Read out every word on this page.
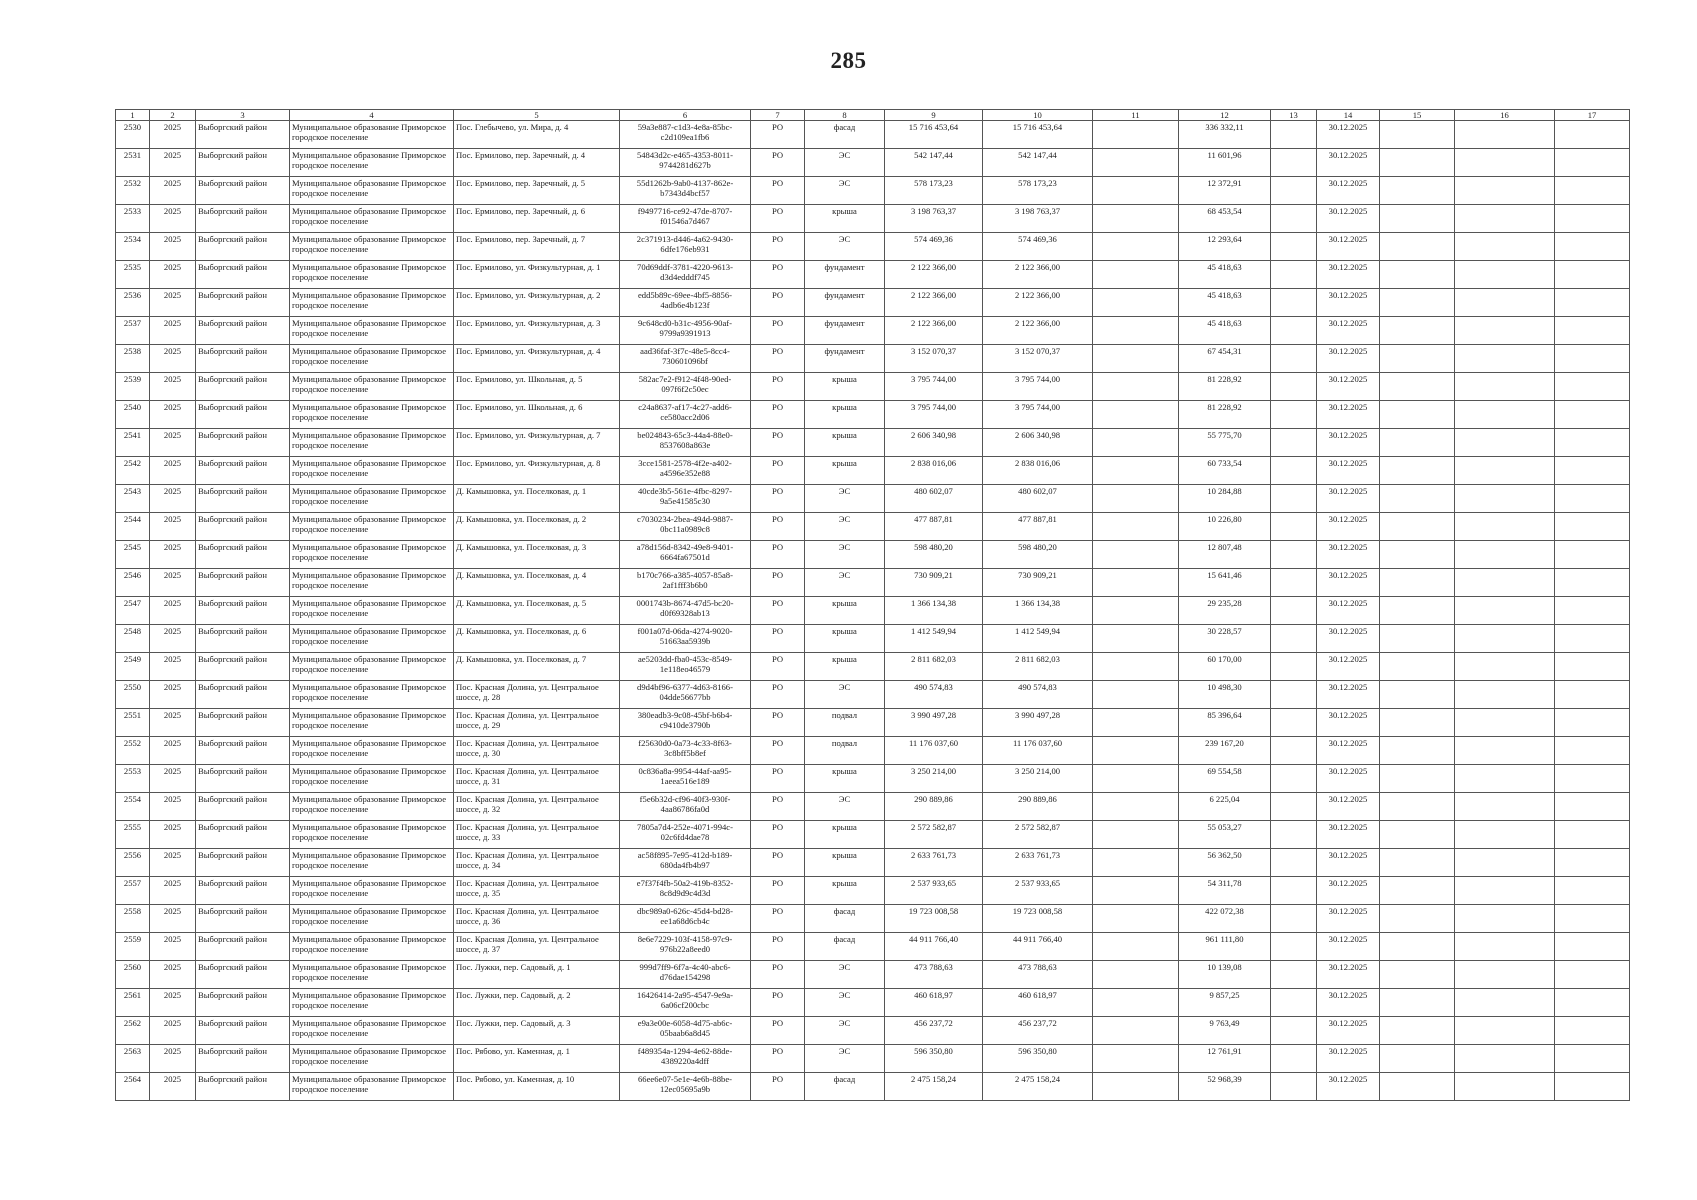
285
1	2	3	4	5	6	7	8	9	10	11	12	13	14	15	16	17
2530	2025	Выборгский район	Муниципальное образование Приморское городское поселение	Пос. Глебычево, ул. Мира, д. 4	59a3e887-c1d3-4e8a-85bc-c2d109ea1fb6	РО	фасад	15 716 453,64	15 716 453,64		336 332,11		30.12.2025			
2531	2025	Выборгский район	Муниципальное образование Приморское городское поселение	Пос. Ермилово, пер. Заречный, д. 4	54843d2c-e465-4353-8011-9744281d627b	РО	ЭС	542 147,44	542 147,44		11 601,96		30.12.2025			
2532	2025	Выборгский район	Муниципальное образование Приморское городское поселение	Пос. Ермилово, пер. Заречный, д. 5	55d1262b-9ab0-4137-862e-b7343d4bcf57	РО	ЭС	578 173,23	578 173,23		12 372,91		30.12.2025			
2533	2025	Выборгский район	Муниципальное образование Приморское городское поселение	Пос. Ермилово, пер. Заречный, д. 6	f9497716-ce92-47de-8707-f01546a7d467	РО	крыша	3 198 763,37	3 198 763,37		68 453,54		30.12.2025			
2534	2025	Выборгский район	Муниципальное образование Приморское городское поселение	Пос. Ермилово, пер. Заречный, д. 7	2c371913-d446-4a62-9430-6dfe176eb931	РО	ЭС	574 469,36	574 469,36		12 293,64		30.12.2025			
2535	2025	Выборгский район	Муниципальное образование Приморское городское поселение	Пос. Ермилово, ул. Физкультурная, д. 1	70d69ddf-3781-4220-9613-d3d4edddf745	РО	фундамент	2 122 366,00	2 122 366,00		45 418,63		30.12.2025			
2536	2025	Выборгский район	Муниципальное образование Приморское городское поселение	Пос. Ермилово, ул. Физкультурная, д. 2	edd5b89c-69ee-4bf5-8856-4adb6e4b123f	РО	фундамент	2 122 366,00	2 122 366,00		45 418,63		30.12.2025			
2537	2025	Выборгский район	Муниципальное образование Приморское городское поселение	Пос. Ермилово, ул. Физкультурная, д. 3	9c648cd0-b31c-4956-90af-9799a9391913	РО	фундамент	2 122 366,00	2 122 366,00		45 418,63		30.12.2025			
2538	2025	Выборгский район	Муниципальное образование Приморское городское поселение	Пос. Ермилово, ул. Физкультурная, д. 4	aad36faf-3f7c-48e5-8cc4-730601096bf	РО	фундамент	3 152 070,37	3 152 070,37		67 454,31		30.12.2025			
2539	2025	Выборгский район	Муниципальное образование Приморское городское поселение	Пос. Ермилово, ул. Школьная, д. 5	582ac7e2-f912-4f48-90ed-097f6f2c50ec	РО	крыша	3 795 744,00	3 795 744,00		81 228,92		30.12.2025			
2540	2025	Выборгский район	Муниципальное образование Приморское городское поселение	Пос. Ермилово, ул. Школьная, д. 6	c24a8637-af17-4c27-add6-ce580acc2d06	РО	крыша	3 795 744,00	3 795 744,00		81 228,92		30.12.2025			
2541	2025	Выборгский район	Муниципальное образование Приморское городское поселение	Пос. Ермилово, ул. Физкультурная, д. 7	be024843-65c3-44a4-88e0-8537608a863e	РО	крыша	2 606 340,98	2 606 340,98		55 775,70		30.12.2025			
2542	2025	Выборгский район	Муниципальное образование Приморское городское поселение	Пос. Ермилово, ул. Физкультурная, д. 8	3cce1581-2578-4f2e-a402-a4596e352e88	РО	крыша	2 838 016,06	2 838 016,06		60 733,54		30.12.2025			
2543	2025	Выборгский район	Муниципальное образование Приморское городское поселение	Д. Камышовка, ул. Поселковая, д. 1	40cde3b5-561e-4fbc-8297-9a5e41585c30	РО	ЭС	480 602,07	480 602,07		10 284,88		30.12.2025			
2544	2025	Выборгский район	Муниципальное образование Приморское городское поселение	Д. Камышовка, ул. Поселковая, д. 2	c7030234-2bea-494d-9887-0bc11a0989c8	РО	ЭС	477 887,81	477 887,81		10 226,80		30.12.2025			
2545	2025	Выборгский район	Муниципальное образование Приморское городское поселение	Д. Камышовка, ул. Поселковая, д. 3	a78d156d-8342-49e8-9401-6664fa67501d	РО	ЭС	598 480,20	598 480,20		12 807,48		30.12.2025			
2546	2025	Выборгский район	Муниципальное образование Приморское городское поселение	Д. Камышовка, ул. Поселковая, д. 4	b170c766-a385-4057-85a8-2af1fff3b6b0	РО	ЭС	730 909,21	730 909,21		15 641,46		30.12.2025			
2547	2025	Выборгский район	Муниципальное образование Приморское городское поселение	Д. Камышовка, ул. Поселковая, д. 5	0001743b-8674-47d5-bc20-d0f69328ab13	РО	крыша	1 366 134,38	1 366 134,38		29 235,28		30.12.2025			
2548	2025	Выборгский район	Муниципальное образование Приморское городское поселение	Д. Камышовка, ул. Поселковая, д. 6	f001a07d-06da-4274-9020-51663aa5939b	РО	крыша	1 412 549,94	1 412 549,94		30 228,57		30.12.2025			
2549	2025	Выборгский район	Муниципальное образование Приморское городское поселение	Д. Камышовка, ул. Поселковая, д. 7	ae5203dd-fba0-453c-8549-1e118eo46579	РО	крыша	2 811 682,03	2 811 682,03		60 170,00		30.12.2025			
2550	2025	Выборгский район	Муниципальное образование Приморское городское поселение	Пос. Красная Долина, ул. Центральное шоссе, д. 28	d9d4bf96-6377-4d63-8166-04dde56677bb	РО	ЭС	490 574,83	490 574,83		10 498,30		30.12.2025			
2551	2025	Выборгский район	Муниципальное образование Приморское городское поселение	Пос. Красная Долина, ул. Центральное шоссе, д. 29	380eadb3-9c08-45bf-b6b4-c9410de3790b	РО	подвал	3 990 497,28	3 990 497,28		85 396,64		30.12.2025			
2552	2025	Выборгский район	Муниципальное образование Приморское городское поселение	Пос. Красная Долина, ул. Центральное шоссе, д. 30	f25630d0-0a73-4c33-8f63-3c8bff5b8ef	РО	подвал	11 176 037,60	11 176 037,60		239 167,20		30.12.2025			
2553	2025	Выборгский район	Муниципальное образование Приморское городское поселение	Пос. Красная Долина, ул. Центральное шоссе, д. 31	0c836a8a-9954-44af-aa95-1aeea516e189	РО	крыша	3 250 214,00	3 250 214,00		69 554,58		30.12.2025			
2554	2025	Выборгский район	Муниципальное образование Приморское городское поселение	Пос. Красная Долина, ул. Центральное шоссе, д. 32	f5e6b32d-cf96-40f3-930f-4aa86786fa0d	РО	ЭС	290 889,86	290 889,86		6 225,04		30.12.2025			
2555	2025	Выборгский район	Муниципальное образование Приморское городское поселение	Пос. Красная Долина, ул. Центральное шоссе, д. 33	7805a7d4-252e-4071-994c-02c6fd4dae78	РО	крыша	2 572 582,87	2 572 582,87		55 053,27		30.12.2025			
2556	2025	Выборгский район	Муниципальное образование Приморское городское поселение	Пос. Красная Долина, ул. Центральное шоссе, д. 34	ac58f895-7e95-412d-b189-680da4fb4b97	РО	крыша	2 633 761,73	2 633 761,73		56 362,50		30.12.2025			
2557	2025	Выборгский район	Муниципальное образование Приморское городское поселение	Пос. Красная Долина, ул. Центральное шоссе, д. 35	e7f37f4fb-50a2-419b-8352-8c8d9d9c4d3d	РО	крыша	2 537 933,65	2 537 933,65		54 311,78		30.12.2025			
2558	2025	Выборгский район	Муниципальное образование Приморское городское поселение	Пос. Красная Долина, ул. Центральное шоссе, д. 36	dbc989a0-626c-45d4-bd28-ee1a68d6cb4c	РО	фасад	19 723 008,58	19 723 008,58		422 072,38		30.12.2025			
2559	2025	Выборгский район	Муниципальное образование Приморское городское поселение	Пос. Красная Долина, ул. Центральное шоссе, д. 37	8e6e7229-103f-4158-97c9-976b22a8eed0	РО	фасад	44 911 766,40	44 911 766,40		961 111,80		30.12.2025			
2560	2025	Выборгский район	Муниципальное образование Приморское городское поселение	Пос. Лужки, пер. Садовый, д. 1	999d7ff9-6f7a-4c40-abc6-d76dae154298	РО	ЭС	473 788,63	473 788,63		10 139,08		30.12.2025			
2561	2025	Выборгский район	Муниципальное образование Приморское городское поселение	Пос. Лужки, пер. Садовый, д. 2	16426414-2a95-4547-9e9a-6a06cf200cbc	РО	ЭС	460 618,97	460 618,97		9 857,25		30.12.2025			
2562	2025	Выборгский район	Муниципальное образование Приморское городское поселение	Пос. Лужки, пер. Садовый, д. 3	e9a3e00e-6058-4d75-ab6c-05baab6a8d45	РО	ЭС	456 237,72	456 237,72		9 763,49		30.12.2025			
2563	2025	Выборгский район	Муниципальное образование Приморское городское поселение	Пос. Рябово, ул. Каменная, д. 1	f489354a-1294-4e62-88de-4389220a4dff	РО	ЭС	596 350,80	596 350,80		12 761,91		30.12.2025			
2564	2025	Выборгский район	Муниципальное образование Приморское городское поселение	Пос. Рябово, ул. Каменная, д. 10	66ee6e07-5e1e-4e6b-88be-12ec05695a9b	РО	фасад	2 475 158,24	2 475 158,24		52 968,39		30.12.2025			
